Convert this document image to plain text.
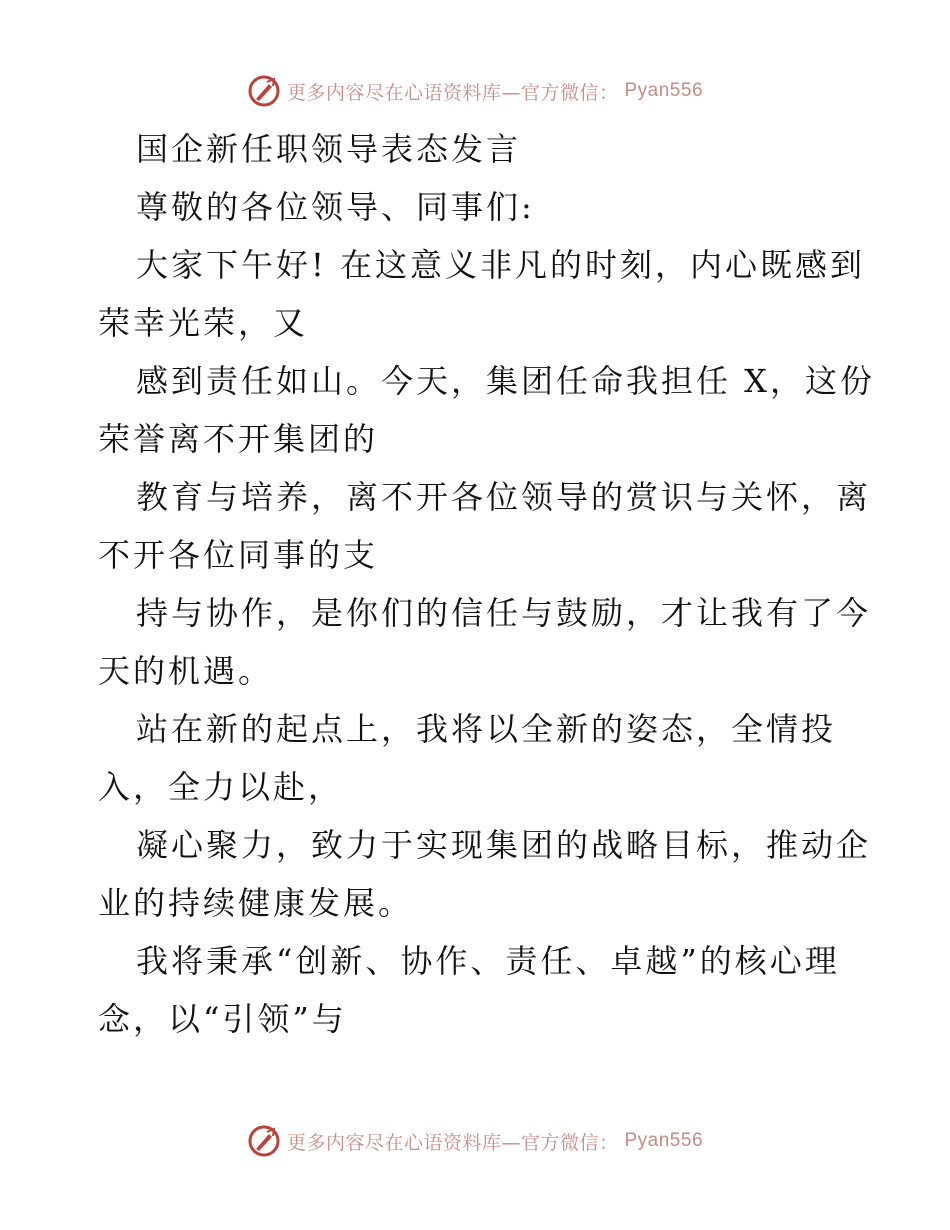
更多内容尽在心语资料库—官方微信： Pyan556
国企新任职领导表态发言
尊敬的各位领导、同事们:
大家下午好! 在这意义非凡的时刻，内心既感到
荣幸光荣，又
感到责任如山。今天，集团任命我担任 X，这份
荣誉离不开集团的
教育与培养，离不开各位领导的赏识与关怀，离
不开各位同事的支
持与协作，是你们的信任与鼓励，才让我有了今
天的机遇。
站在新的起点上，我将以全新的姿态，全情投
入，全力以赴，
凝心聚力，致力于实现集团的战略目标，推动企
业的持续健康发展。
我将秉承“创新、协作、责任、卓越”的核心理
念，以“引领”与
更多内容尽在心语资料库—官方微信： Pyan556
